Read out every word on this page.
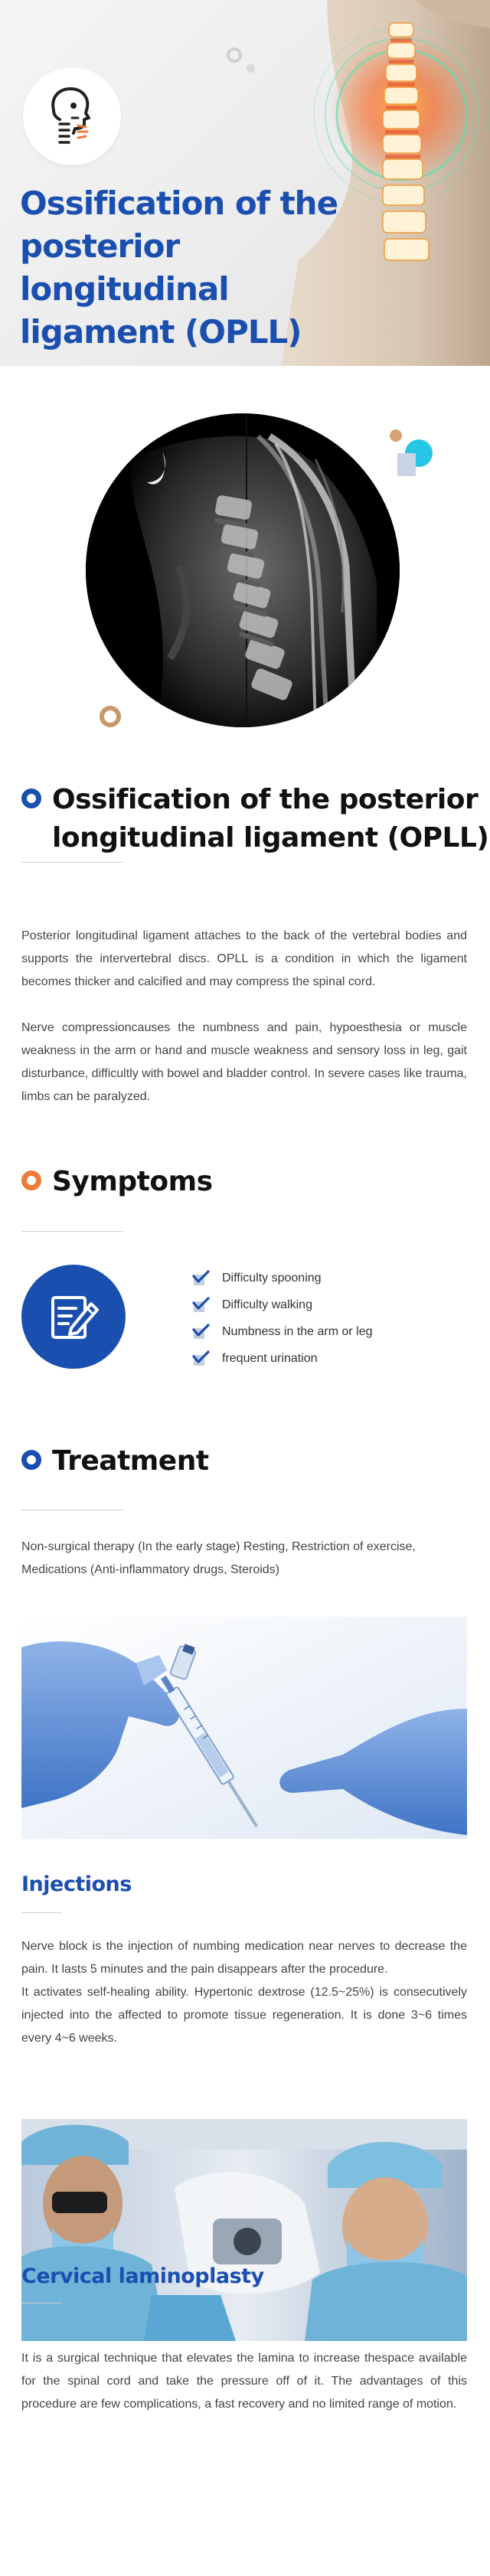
Ossification of the
posterior longitudinal
ligament (OPLL)
Ossification of the posterior
longitudinal ligament (OPLL)

Posterior longitudinal ligament attaches to the back of the vertebral bodies and supports the intervertebral discs. OPLL is a condition in which the ligament becomes thicker and calcified and may compress the spinal cord.

Nerve compressioncauses the numbness and pain, hypoesthesia or muscle weakness in the arm or hand and muscle weakness and sensory loss in leg, gait disturbance, difficultly with bowel and bladder control. In severe cases like trauma, limbs can be paralyzed.

Symptoms
Difficulty spooning
Difficulty walking
Numbness in the arm or leg
frequent urination
Treatment
Non-surgical therapy (In the early stage) Resting, Restriction of exercise,
Medications (Anti-inflammatory drugs, Steroids)
Injections
Nerve block is the injection of numbing medication near nerves to decrease the pain. It lasts 5 minutes and the pain disappears after the procedure.
It activates self-healing ability. Hypertonic dextrose (12.5~25%) is consecutively injected into the affected to promote tissue regeneration. It is done 3~6 times every 4~6 weeks.
Cervical laminoplasty
It is a surgical technique that elevates the lamina to increase thespace available for the spinal cord and take the pressure off of it. The advantages of this procedure are few complications, a fast recovery and no limited range of motion.
